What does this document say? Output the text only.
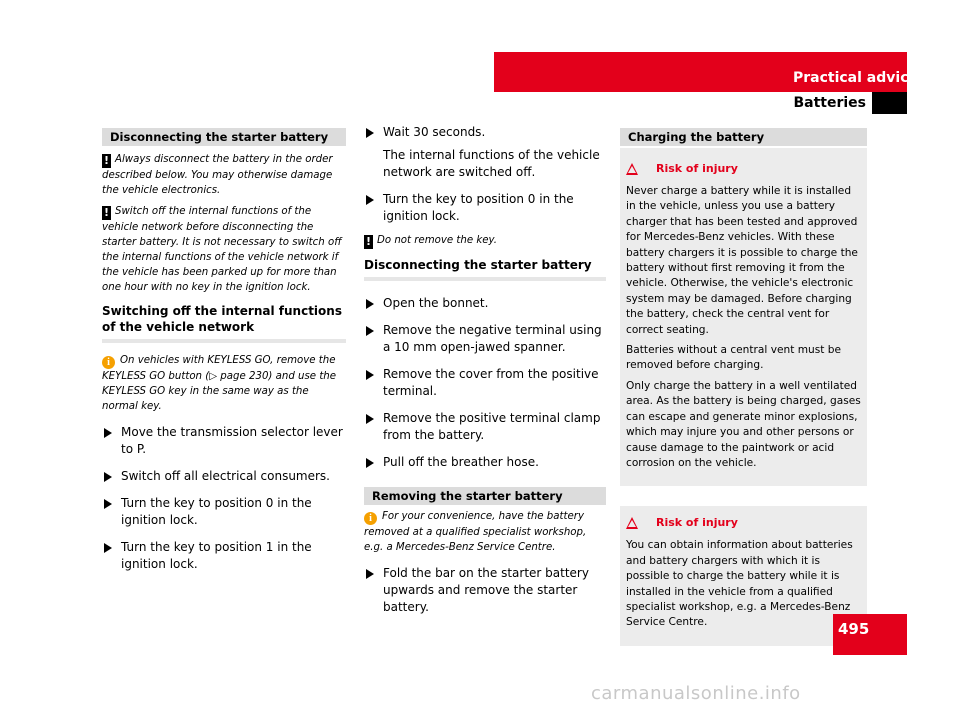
Practical advice
Batteries
Disconnecting the starter battery

! Always disconnect the battery in the order described below. You may otherwise damage the vehicle electronics.

! Switch off the internal functions of the vehicle network before disconnecting the starter battery. It is not necessary to switch off the internal functions of the vehicle network if the vehicle has been parked up for more than one hour with no key in the ignition lock.

Switching off the internal functions of the vehicle network

i On vehicles with KEYLESS GO, remove the KEYLESS GO button (▷ page 230) and use the KEYLESS GO key in the same way as the normal key.

Move the transmission selector lever to P.
Switch off all electrical consumers.
Turn the key to position 0 in the ignition lock.
Turn the key to position 1 in the ignition lock.
Wait 30 seconds.
The internal functions of the vehicle network are switched off.
Turn the key to position 0 in the ignition lock.

! Do not remove the key.

Disconnecting the starter battery
Open the bonnet.
Remove the negative terminal using a 10 mm open-jawed spanner.
Remove the cover from the positive terminal.
Remove the positive terminal clamp from the battery.
Pull off the breather hose.
Removing the starter battery

i For your convenience, have the battery removed at a qualified specialist workshop, e.g. a Mercedes-Benz Service Centre.

Fold the bar on the starter battery upwards and remove the starter battery.
Charging the battery
Risk of injury

Never charge a battery while it is installed in the vehicle, unless you use a battery charger that has been tested and approved for Mercedes-Benz vehicles. With these battery chargers it is possible to charge the battery without first removing it from the vehicle. Otherwise, the vehicle's electronic system may be damaged. Before charging the battery, check the central vent for correct seating.

Batteries without a central vent must be removed before charging.

Only charge the battery in a well ventilated area. As the battery is being charged, gases can escape and generate minor explosions, which may injure you and other persons or cause damage to the paintwork or acid corrosion on the vehicle.

Risk of injury

You can obtain information about batteries and battery chargers with which it is possible to charge the battery while it is installed in the vehicle from a qualified specialist workshop, e.g. a Mercedes-Benz Service Centre.	495
carmanualsonline.info
